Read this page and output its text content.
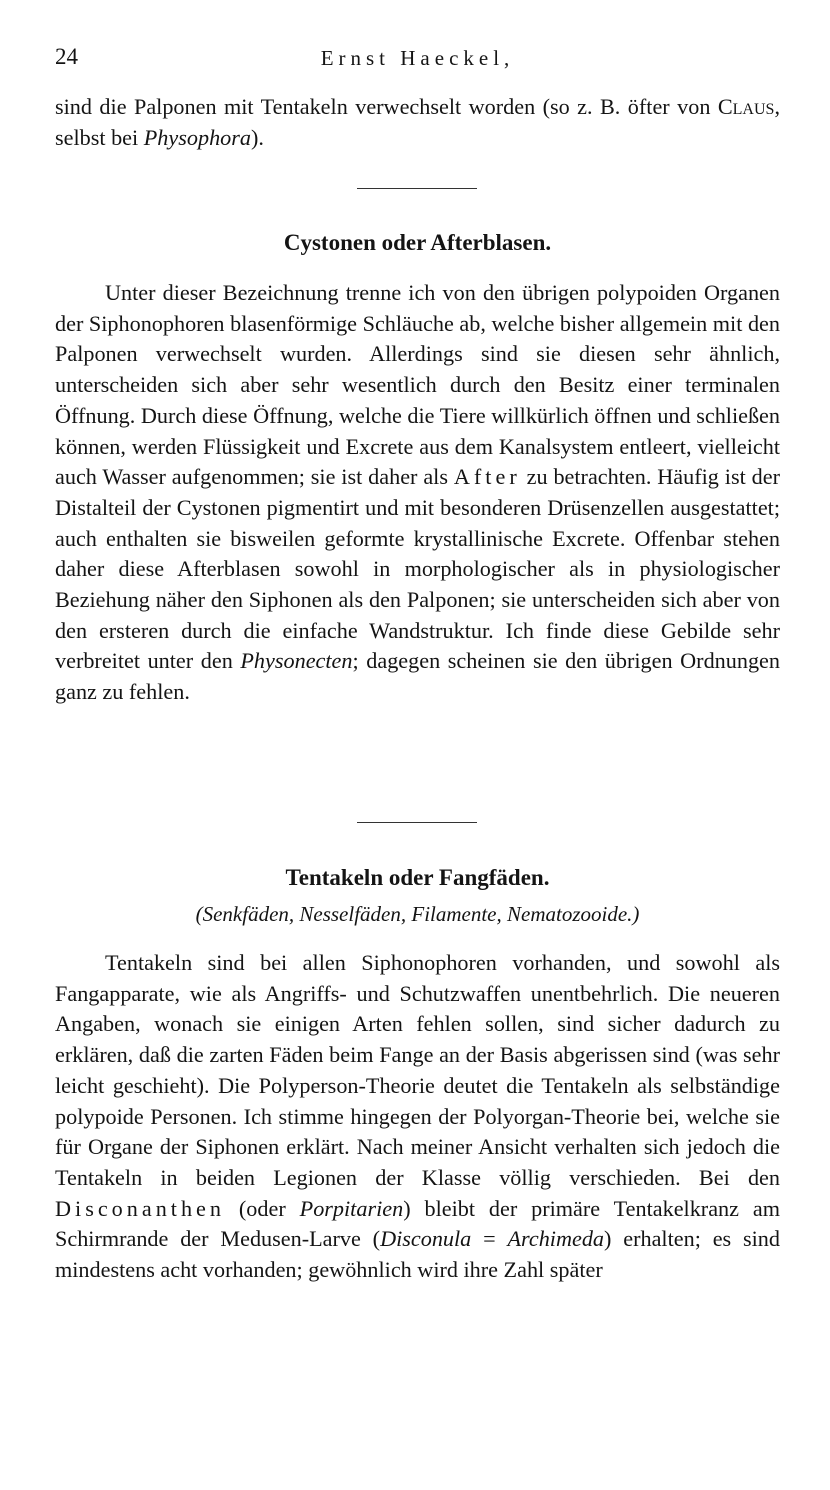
24	Ernst Haeckel,

sind die Palponen mit Tentakeln verwechselt worden (so z. B. öfter von Claus, selbst bei Physophora).

Cystonen oder Afterblasen.

Unter dieser Bezeichnung trenne ich von den übrigen polypoiden Organen der Siphonophoren blasenförmige Schläuche ab, welche bisher allgemein mit den Palponen verwechselt wurden. Allerdings sind sie diesen sehr ähnlich, unterscheiden sich aber sehr wesentlich durch den Besitz einer terminalen Öffnung. Durch diese Öffnung, welche die Tiere willkürlich öffnen und schließen können, werden Flüssigkeit und Excrete aus dem Kanalsystem entleert, vielleicht auch Wasser aufgenommen; sie ist daher als After zu betrachten. Häufig ist der Distalteil der Cystonen pigmentirt und mit besonderen Drüsenzellen ausgestattet; auch enthalten sie bisweilen geformte krystallinische Excrete. Offenbar stehen daher diese Afterblasen sowohl in morphologischer als in physiologischer Beziehung näher den Siphonen als den Palponen; sie unterscheiden sich aber von den ersteren durch die einfache Wandstruktur. Ich finde diese Gebilde sehr verbreitet unter den Physonecten; dagegen scheinen sie den übrigen Ordnungen ganz zu fehlen.

Tentakeln oder Fangfäden.
(Senkfäden, Nesselfäden, Filamente, Nematozooide.)

Tentakeln sind bei allen Siphonophoren vorhanden, und sowohl als Fangapparate, wie als Angriffs- und Schutzwaffen unentbehrlich. Die neueren Angaben, wonach sie einigen Arten fehlen sollen, sind sicher dadurch zu erklären, daß die zarten Fäden beim Fange an der Basis abgerissen sind (was sehr leicht geschieht). Die Polyperson-Theorie deutet die Tentakeln als selbständige polypoide Personen. Ich stimme hingegen der Polyorgan-Theorie bei, welche sie für Organe der Siphonen erklärt. Nach meiner Ansicht verhalten sich jedoch die Tentakeln in beiden Legionen der Klasse völlig verschieden. Bei den Disconanthen (oder Porpitarien) bleibt der primäre Tentakelkranz am Schirmrande der Medusen-Larve (Disconula = Archimeda) erhalten; es sind mindestens acht vorhanden; gewöhnlich wird ihre Zahl später
